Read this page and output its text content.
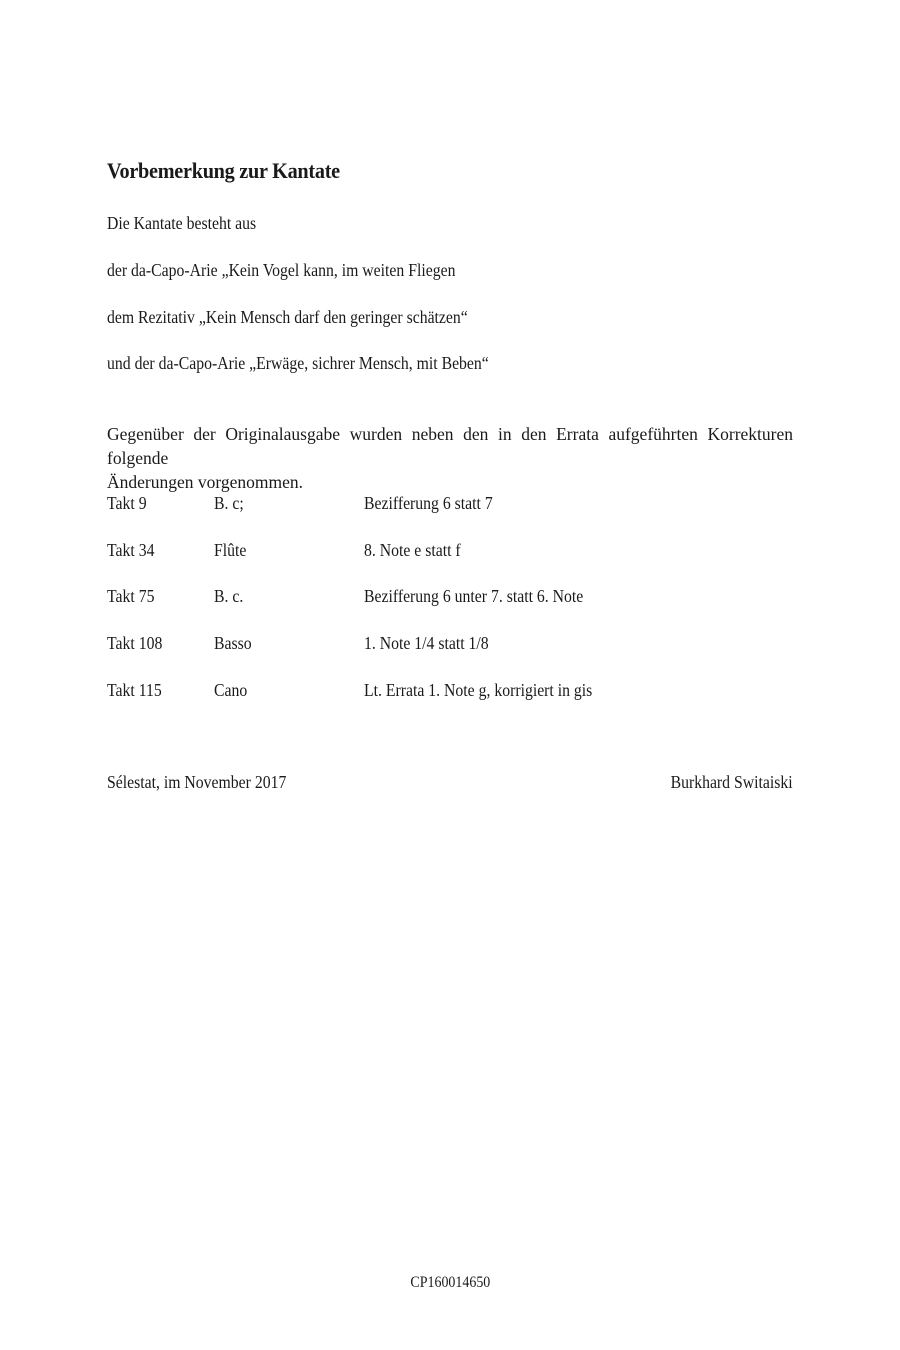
Vorbemerkung zur Kantate
Die Kantate besteht aus
der da-Capo-Arie „Kein Vogel kann, im weiten Fliegen
dem Rezitativ „Kein Mensch darf den geringer schätzen“
und der da-Capo-Arie „Erwäge, sichrer Mensch, mit Beben“
Gegenüber der Originalausgabe wurden neben den in den Errata aufgeführten Korrekturen folgende
Änderungen vorgenommen.
Takt 9	B. c;	Bezifferung 6 statt 7
Takt 34	Flûte	8. Note e statt f
Takt 75	B. c.	Bezifferung 6 unter 7. statt 6. Note
Takt 108	Basso	1. Note 1/4 statt 1/8
Takt 115	Cano	Lt. Errata 1. Note g, korrigiert in gis
Sélestat, im November 2017	Burkhard Switaiski
CP160014650
